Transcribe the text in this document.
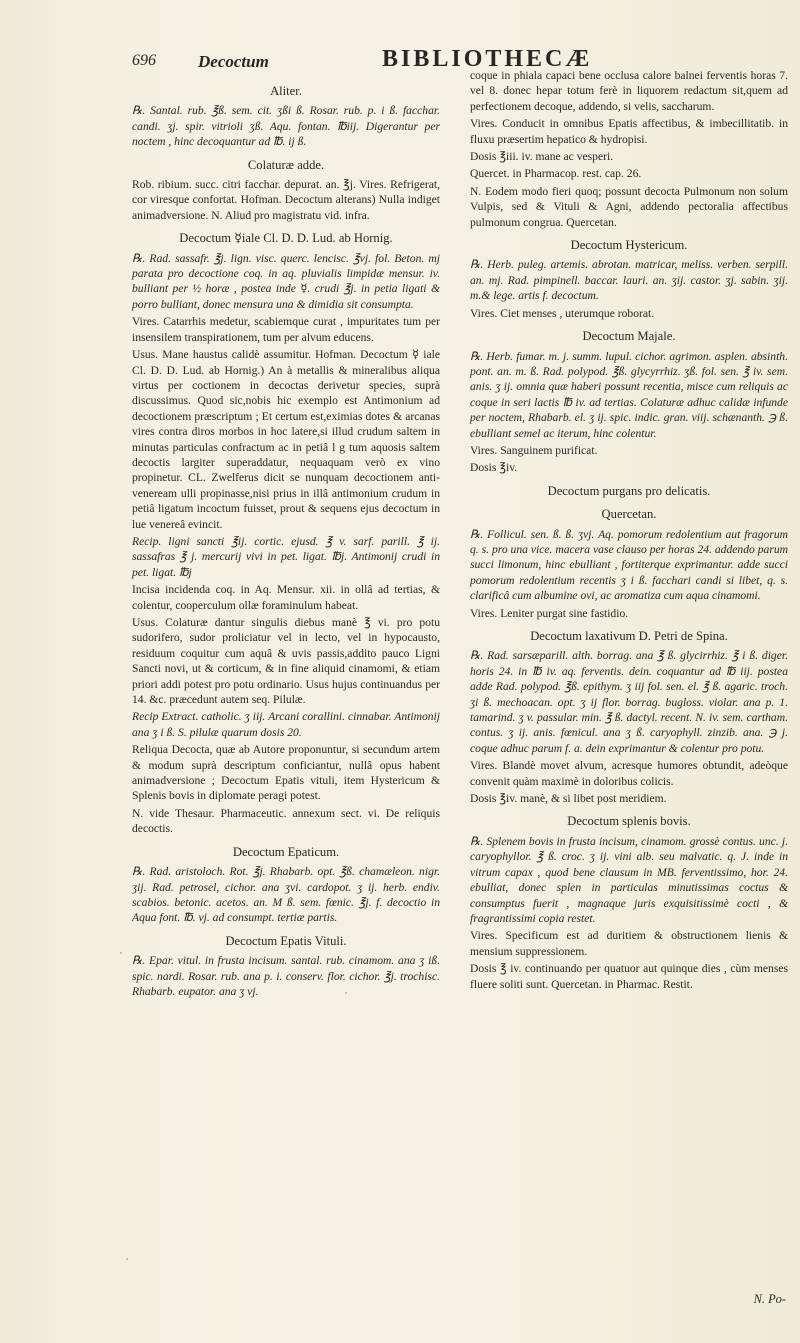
696 Decoctum	BIBLIOTHECÆ
Aliter.
℞. Santal. rub. ℥ß. sem. cit. ʒßi ß. Rosar. rub. p. i ß. facchar. candi. ʒj. spir. vitrioli ʒß. Aqu. fontan. ℔iij. Digerantur per noctem , hinc decoquantur ad ℔. ij ß.
Colaturæ adde.
Rob. ribium. succ. citri facchar. depurat. an. ℥j. Vires. Refrigerat, cor viresque confortat. Hofman. Decoctum alterans) Nulla indiget animadversione. N. Aliud pro magistratu vid. infra.
Decoctum ☿iale Cl. D. D. Lud. ab Hornig.
℞. Rad. sassafr. ℥j. lign. visc. querc. lencisc. ℥vj. fol. Beton. mj parata pro decoctione coq. in aq. pluvialis limpidæ mensur. iv. bulliant per ½ horæ , postea inde ☿. crudi ℥j. in petia ligati & porro bulliant, donec mensura una & dimidia sit consumpta.
Vires. Catarrhis medetur, scabiemque curat , impuritates tum per insensilem transpirationem, tum per alvum educens.
Usus. Mane haustus calidè assumitur. Hofman. Decoctum ☿ iale Cl. D. D. Lud. ab Hornig.) An à metallis & mineralibus aliqua virtus per coctionem in decoctas derivetur species, suprà discussimus. Quod sic,nobis hic exemplo est Antimonium ad decoctionem præscriptum ; Et certum est,eximias dotes & arcanas vires contra diros morbos in hoc latere,si illud crudum saltem in minutas particulas confractum ac in petiâ l g tum aquosis saltem decoctis largiter superaddatur, nequaquam verò ex vino propinetur. CL. Zwelferus dicit se nunquam decoctionem anti-veneream ulli propinasse,nisi prius in illâ antimonium crudum in petiâ ligatum incoctum fuisset, prout & sequens ejus decoctum in lue venereâ evincit.
Recip. ligni sancti ℥ij. cortic. ejusd. ℥ v. sarf. parill. ℥ ij. sassafras ℥ j. mercurij vivi in pet. ligat. ℔j. Antimonij crudi in pet. ligat. ℔j
Incisa incidenda coq. in Aq. Mensur. xii. in ollâ ad tertias, & colentur, cooperculum ollæ foraminulum habeat.
Usus. Colaturæ dantur singulis diebus manè ℥ vi. pro potu sudorifero, sudor proliciatur vel in lecto, vel in hypocausto, residuum coquitur cum aquâ & uvis passis,addito pauco Ligni Sancti novi, ut & corticum, & in fine aliquid cinamomi, & etiam priori addi potest pro potu ordinario. Usus hujus continuandus per 14. &c. præcedunt autem seq. Pilulæ.
Recip Extract. catholic. ʒ iij. Arcani corallini. cinnabar. Antimonij ana ʒ i ß. S. pilulæ quarum dosis 20.
Reliqua Decocta, quæ ab Autore proponuntur, si secundum artem & modum suprà descriptum conficiantur, nullâ opus habent animadversione ; Decoctum Epatis vituli, item Hystericum & Splenis bovis in diplomate peragi potest.
N. vide Thesaur. Pharmaceutic. annexum sect. vi. De reliquis decoctis.
Decoctum Epaticum.
℞. Rad. aristoloch. Rot. ℥j. Rhabarb. opt. ℥ß. chamæleon. nigr. ʒij. Rad. petrosel, cichor. ana ʒvi. cardopot. ʒ ij. herb. endiv. scabios. betonic. acetos. an. M ß. sem. fœnic. ℥j. f. decoctio in Aqua font. ℔. vj. ad consumpt. tertiæ partis.
Decoctum Epatis Vituli.
℞. Epar. vitul. in frusta incisum. santal. rub. cinamom. ana ʒ iß. spic. nardi. Rosar. rub. ana p. i. conserv. flor. cichor. ℥j. trochisc. Rhabarb. eupator. ana ʒ vj.
coque in phiala capaci bene occlusa calore balnei ferventis horas 7. vel 8. donec hepar totum ferè in liquorem redactum sit,quem ad perfectionem decoque, addendo, si velis, saccharum.
Vires. Conducit in omnibus Epatis affectibus, & imbecillitatib. in fluxu præsertim hepatico & hydropisi.
Dosis ℥iii. iv. mane ac vesperi.
Quercet. in Pharmacop. rest. cap. 26.
N. Eodem modo fieri quoq; possunt decocta Pulmonum non solum Vulpis, sed & Vituli & Agni, addendo pectoralia affectibus pulmonum congrua. Quercetan.
Decoctum Hystericum.
℞. Herb. puleg. artemis. abrotan. matricar, meliss. verben. serpill. an. mj. Rad. pimpinell. baccar. lauri. an. ʒij. castor. ʒj. sabin. ʒij. m.& lege. artis f. decoctum.
Vires. Ciet menses , uterumque roborat.
Decoctum Majale.
℞. Herb. fumar. m. j. summ. lupul. cichor. agrimon. asplen. absinth. pont. an. m. ß. Rad. polypod. ℥ß. glycyrrhiz. ʒß. fol. sen. ℥ iv. sem. anis. ʒ ij. omnia quæ haberi possunt recentia, misce cum reliquis ac coque in seri lactis ℔ iv. ad tertias. Colaturæ adhuc calidæ infunde per noctem, Rhabarb. el. ʒ ij. spic. indic. gran. viij. schænanth. ℈ ß. ebulliant semel ac iterum, hinc colentur.
Vires. Sanguinem purificat.
Dosis ℥iv.
Decoctum purgans pro delicatis.
Quercetan.
℞. Follicul. sen. ß. ß. ʒvj. Aq. pomorum redolentium aut fragorum q. s. pro una vice. macera vase clauso per horas 24. addendo parum succi limonum, hinc ebulliant , fortiterque exprimantur. adde succi pomorum redolentium recentis ʒ i ß. facchari candi si libet, q. s. clarificâ cum albumine ovi, ac aromatiza cum aqua cinamomi.
Vires. Leniter purgat sine fastidio.
Decoctum laxativum D. Petri de Spina.
℞. Rad. sarsæparill. alth. borrag. ana ℥ ß. glycirrhiz. ℥ i ß. diger. horis 24. in ℔ iv. aq. ferventis. dein. coquantur ad ℔ iij. postea adde Rad. polypod. ℥ß. epithym. ʒ iij fol. sen. el. ℥ ß. agaric. troch. ʒi ß. mechoacan. opt. ʒ ij flor. borrag. bugloss. violar. ana p. 1. tamarind. ʒ v. passular. min. ℥ ß. dactyl. recent. N. iv. sem. cartham. contus. ʒ ij. anis. fœnicul. ana ʒ ß. caryophyll. zinzib. ana. ℈ j. coque adhuc parum f. a. dein exprimantur & colentur pro potu.
Vires. Blandè movet alvum, acresque humores obtundit, adeòque convenit quàm maximè in doloribus colicis.
Dosis ℥iv. manè, & si libet post meridiem.
Decoctum splenis bovis.
℞. Splenem bovis in frusta incisum, cinamom. grossè contus. unc. j. caryophyllor. ℥ ß. croc. ʒ ij. vini alb. seu malvatic. q. J. inde in vitrum capax , quod bene clausum in MB. ferventissimo, hor. 24. ebulliat, donec splen in particulas minutissimas coctus & consumptus fuerit , magnaque juris exquisitissimè cocti , & fragrantissimi copia restet.
Vires. Specificum est ad duritiem & obstructionem lienis & mensium suppressionem.
Dosis ℥ iv. continuando per quatuor aut quinque dies , cùm menses fluere soliti sunt. Quercetan. in Pharmac. Restit.
N. Po-
